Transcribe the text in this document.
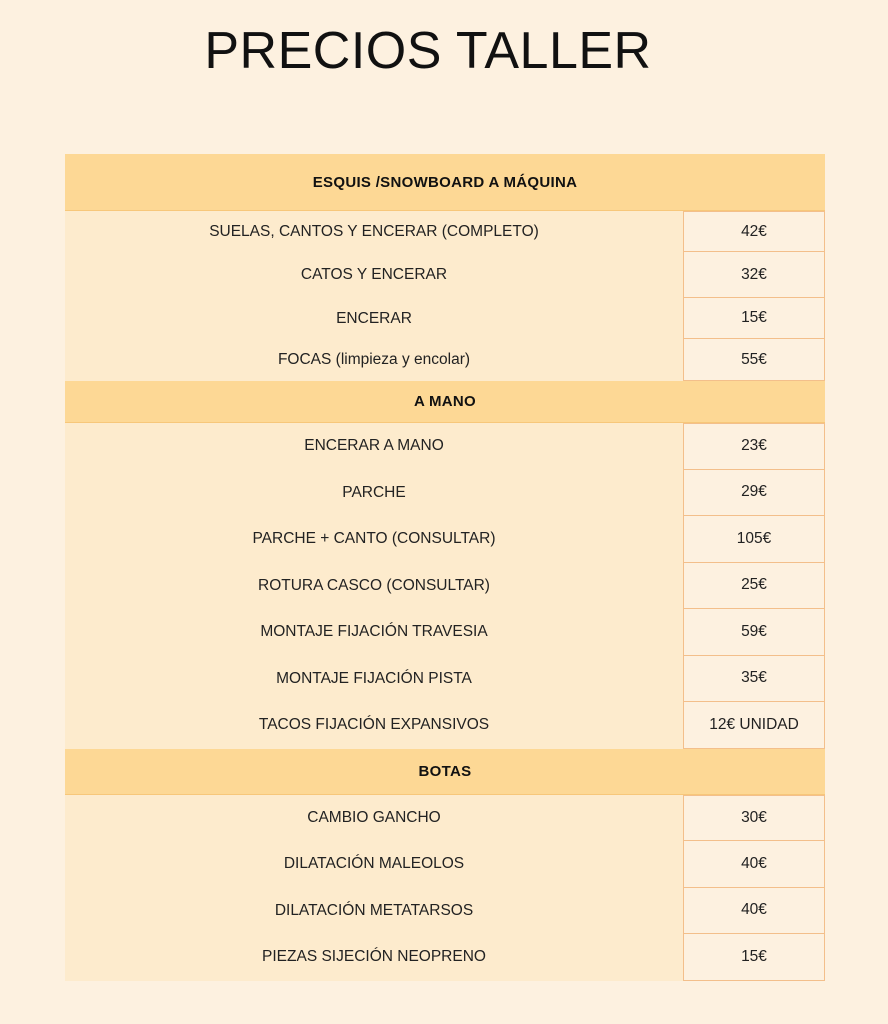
PRECIOS TALLER
ESQUIS /SNOWBOARD A MÁQUINA
SUELAS, CANTOS Y ENCERAR (COMPLETO)	42€
CATOS Y ENCERAR	32€
ENCERAR	15€
FOCAS (limpieza y encolar)	55€
A MANO
ENCERAR A MANO	23€
PARCHE	29€
PARCHE + CANTO (CONSULTAR)	105€
ROTURA CASCO (CONSULTAR)	25€
MONTAJE FIJACIÓN TRAVESIA	59€
MONTAJE FIJACIÓN PISTA	35€
TACOS FIJACIÓN EXPANSIVOS	12€ UNIDAD
BOTAS
CAMBIO GANCHO	30€
DILATACIÓN MALEOLOS	40€
DILATACIÓN METATARSOS	40€
PIEZAS SIJECIÓN NEOPRENO	15€
